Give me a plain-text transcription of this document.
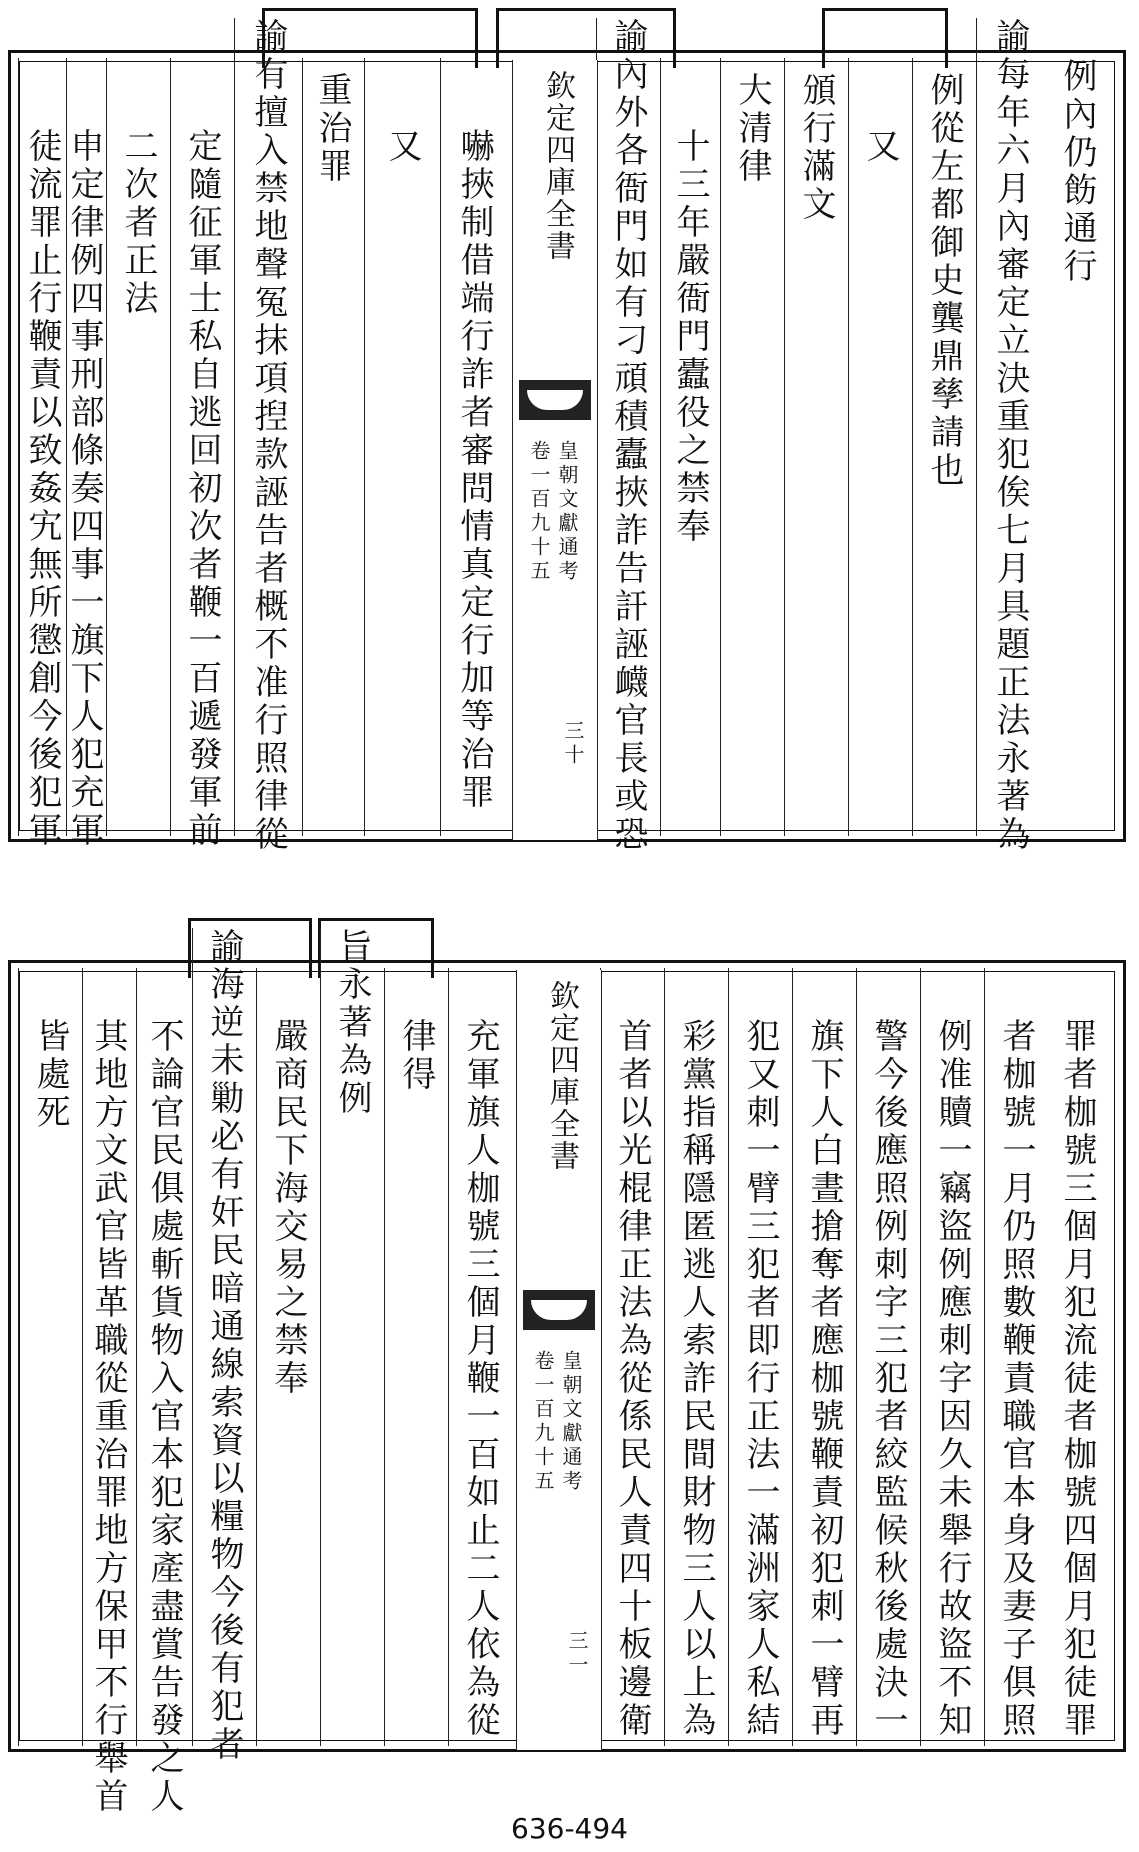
例內仍飭通行
諭每年六月內審定立決重犯俟七月具題正法永著為
例從左都御史龔鼎孳請也
又
頒行滿文
大清律
十三年嚴衙門蠹役之禁奉
諭內外各衙門如有刁頑積蠹挾詐告訐誣衊官長或恐
欽定四庫全書
皇朝文獻通考
卷一百九十五
三十
嚇挾制借端行詐者審問情真定行加等治罪
又
重治罪
諭有擅入禁地聲冤抹項揑款誣告者概不准行照律從
定隨征軍士私自逃回初次者鞭一百遞發軍前
二次者正法
申定律例四事刑部條奏四事一旗下人犯充軍
徒流罪止行鞭責以致姦宄無所懲創今後犯軍
罪者枷號三個月犯流徒者枷號四個月犯徒罪
者枷號一月仍照數鞭責職官本身及妻子俱照
例准贖一竊盜例應刺字因久未舉行故盜不知
警今後應照例刺字三犯者絞監候秋後處決一
旗下人白晝搶奪者應枷號鞭責初犯刺一臂再
犯又刺一臂三犯者即行正法一滿洲家人私結
彩黨指稱隱匿逃人索詐民間財物三人以上為
首者以光棍律正法為從係民人責四十板邊衛
欽定四庫全書
皇朝文獻通考
卷一百九十五
三一
充軍旗人枷號三個月鞭一百如止二人依為從
律得
旨永著為例
嚴商民下海交易之禁奉
諭海逆未勦必有奸民暗通線索資以糧物今後有犯者
不論官民俱處斬貨物入官本犯家產盡賞告發之人
其地方文武官皆革職從重治罪地方保甲不行舉首
皆處死
636-494
